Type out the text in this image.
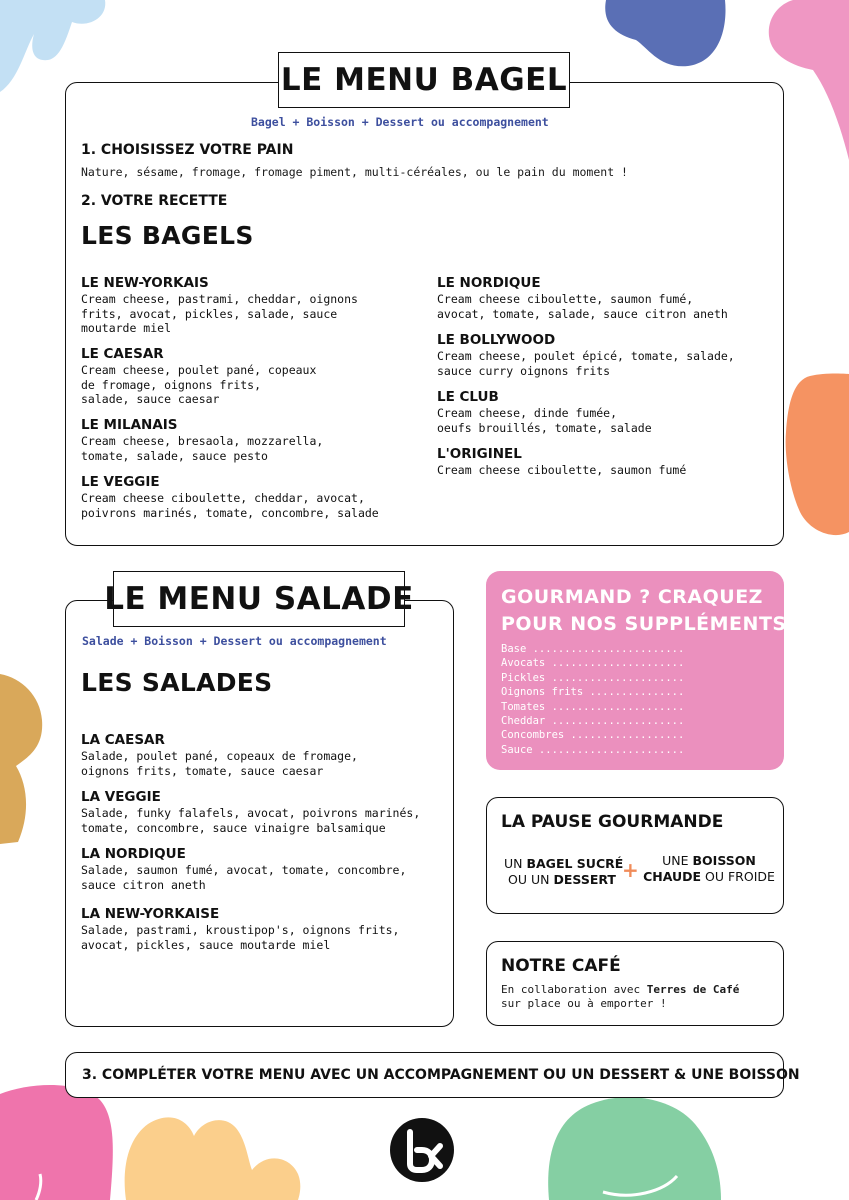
LE MENU BAGEL
Bagel + Boisson + Dessert ou accompagnement
1. CHOISISSEZ VOTRE PAIN
Nature, sésame, fromage, fromage piment, multi-céréales, ou le pain du moment !
2. VOTRE RECETTE
LES BAGELS
LE NEW-YORKAIS
Cream cheese, pastrami, cheddar, oignons
frits, avocat, pickles, salade, sauce
moutarde miel
LE CAESAR
Cream cheese, poulet pané, copeaux
de fromage, oignons frits,
salade, sauce caesar
LE MILANAIS
Cream cheese, bresaola, mozzarella,
tomate, salade, sauce pesto
LE VEGGIE
Cream cheese ciboulette, cheddar, avocat,
poivrons marinés, tomate, concombre, salade
LE NORDIQUE
Cream cheese ciboulette, saumon fumé,
avocat, tomate, salade, sauce citron aneth
LE BOLLYWOOD
Cream cheese, poulet épicé, tomate, salade,
sauce curry oignons frits
LE CLUB
Cream cheese, dinde fumée,
oeufs brouillés, tomate, salade
L'ORIGINEL
Cream cheese ciboulette, saumon fumé
LE MENU SALADE
Salade + Boisson + Dessert ou accompagnement
LES SALADES
LA CAESAR
Salade, poulet pané, copeaux de fromage,
oignons frits, tomate, sauce caesar
LA VEGGIE
Salade, funky falafels, avocat, poivrons marinés,
tomate, concombre, sauce vinaigre balsamique
LA NORDIQUE
Salade, saumon fumé, avocat, tomate, concombre,
sauce citron aneth
LA NEW-YORKAISE
Salade, pastrami, kroustipop's, oignons frits,
avocat, pickles, sauce moutarde miel
GOURMAND ? CRAQUEZ
POUR NOS SUPPLÉMENTS !
Base ........................
Avocats .....................
Pickles .....................
Oignons frits ...............
Tomates .....................
Cheddar .....................
Concombres ..................
Sauce .......................
LA PAUSE GOURMANDE
UN BAGEL SUCRÉ
OU UN DESSERT +	UNE BOISSON
CHAUDE OU FROIDE
NOTRE CAFÉ
En collaboration avec Terres de Café
sur place ou à emporter !
3. COMPLÉTER VOTRE MENU AVEC UN ACCOMPAGNEMENT OU UN DESSERT & UNE BOISSON
